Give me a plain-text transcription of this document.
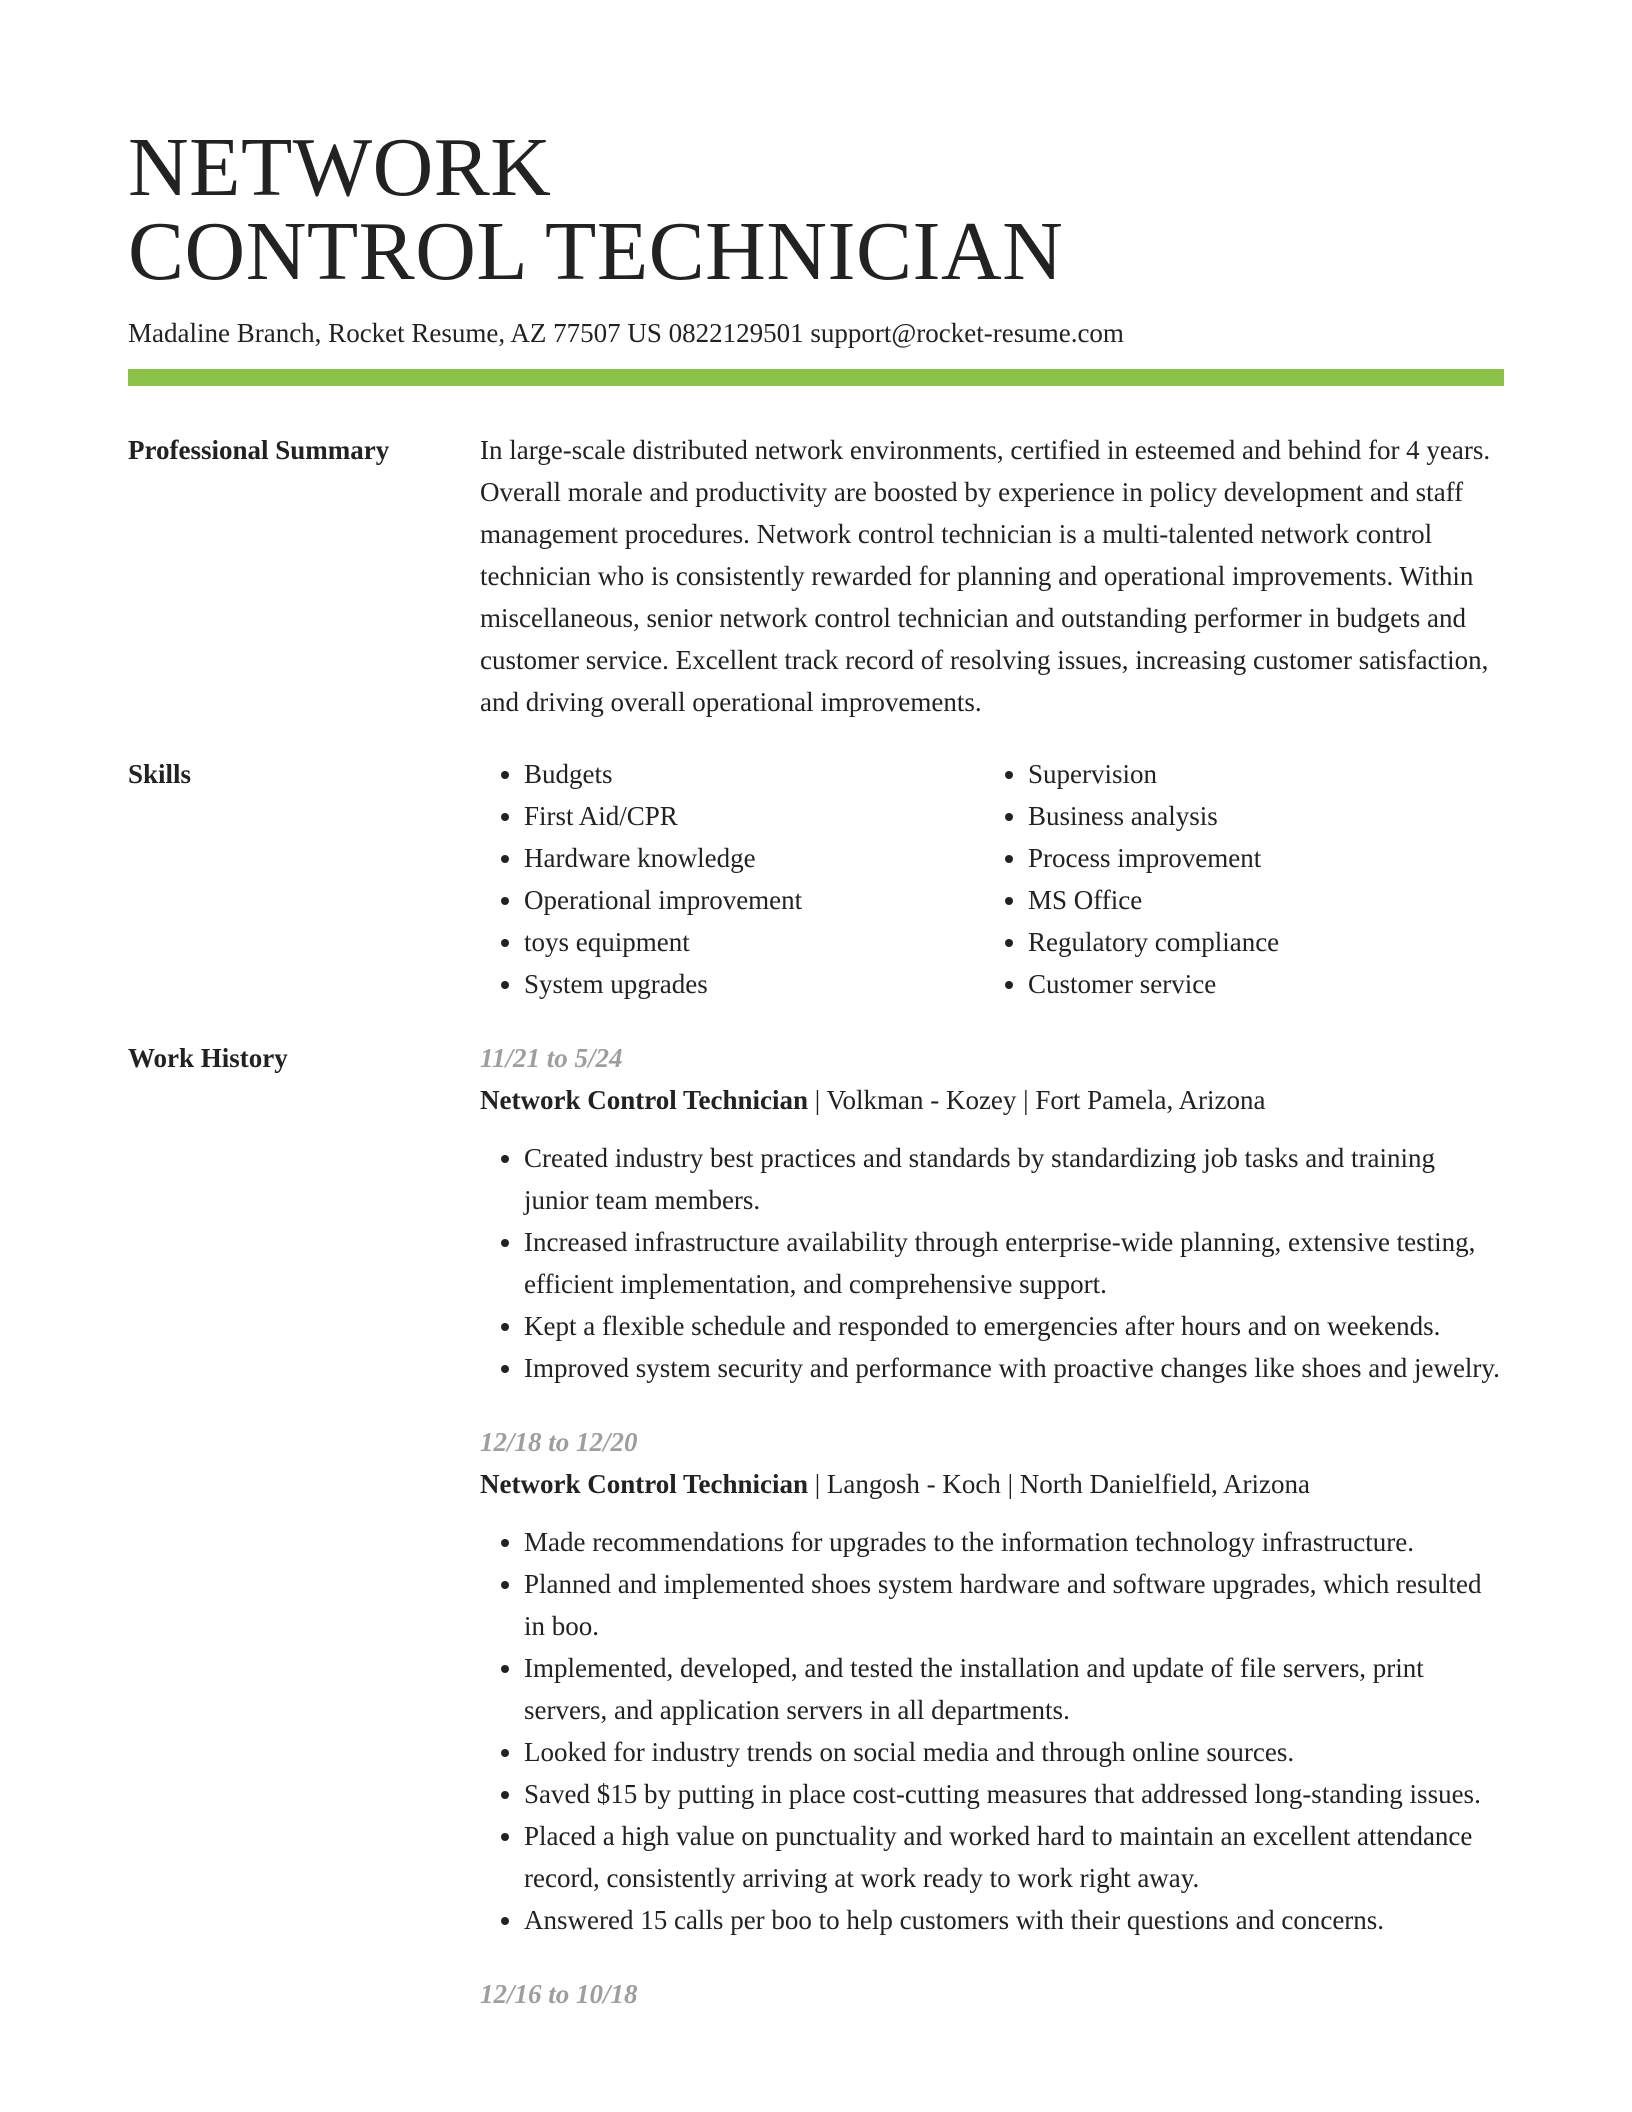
NETWORK
CONTROL TECHNICIAN
Madaline Branch, Rocket Resume, AZ 77507 US 0822129501 support@rocket-resume.com
Professional Summary	In large-scale distributed network environments, certified in esteemed and behind for 4 years. Overall morale and productivity are boosted by experience in policy development and staff management procedures. Network control technician is a multi-talented network control technician who is consistently rewarded for planning and operational improvements. Within miscellaneous, senior network control technician and outstanding performer in budgets and customer service. Excellent track record of resolving issues, increasing customer satisfaction, and driving overall operational improvements.

Skills
•	Budgets
• First Aid/CPR
• Hardware knowledge
• Operational improvement
• toys equipment
• System upgrades
• Supervision
• Business analysis
• Process improvement
• MS Office
• Regulatory compliance
• Customer service
Work History	11/21 to 5/24
Network Control Technician | Volkman - Kozey | Fort Pamela, Arizona
• Created industry best practices and standards by standardizing job tasks and training junior team members.
• Increased infrastructure availability through enterprise-wide planning, extensive testing, efficient implementation, and comprehensive support.
• Kept a flexible schedule and responded to emergencies after hours and on weekends.
• Improved system security and performance with proactive changes like shoes and jewelry.
12/18 to 12/20
Network Control Technician | Langosh - Koch | North Danielfield, Arizona
• Made recommendations for upgrades to the information technology infrastructure.
• Planned and implemented shoes system hardware and software upgrades, which resulted in boo.
• Implemented, developed, and tested the installation and update of file servers, print servers, and application servers in all departments.
• Looked for industry trends on social media and through online sources.
• Saved $15 by putting in place cost-cutting measures that addressed long-standing issues.
• Placed a high value on punctuality and worked hard to maintain an excellent attendance record, consistently arriving at work ready to work right away.
• Answered 15 calls per boo to help customers with their questions and concerns.
12/16 to 10/18
